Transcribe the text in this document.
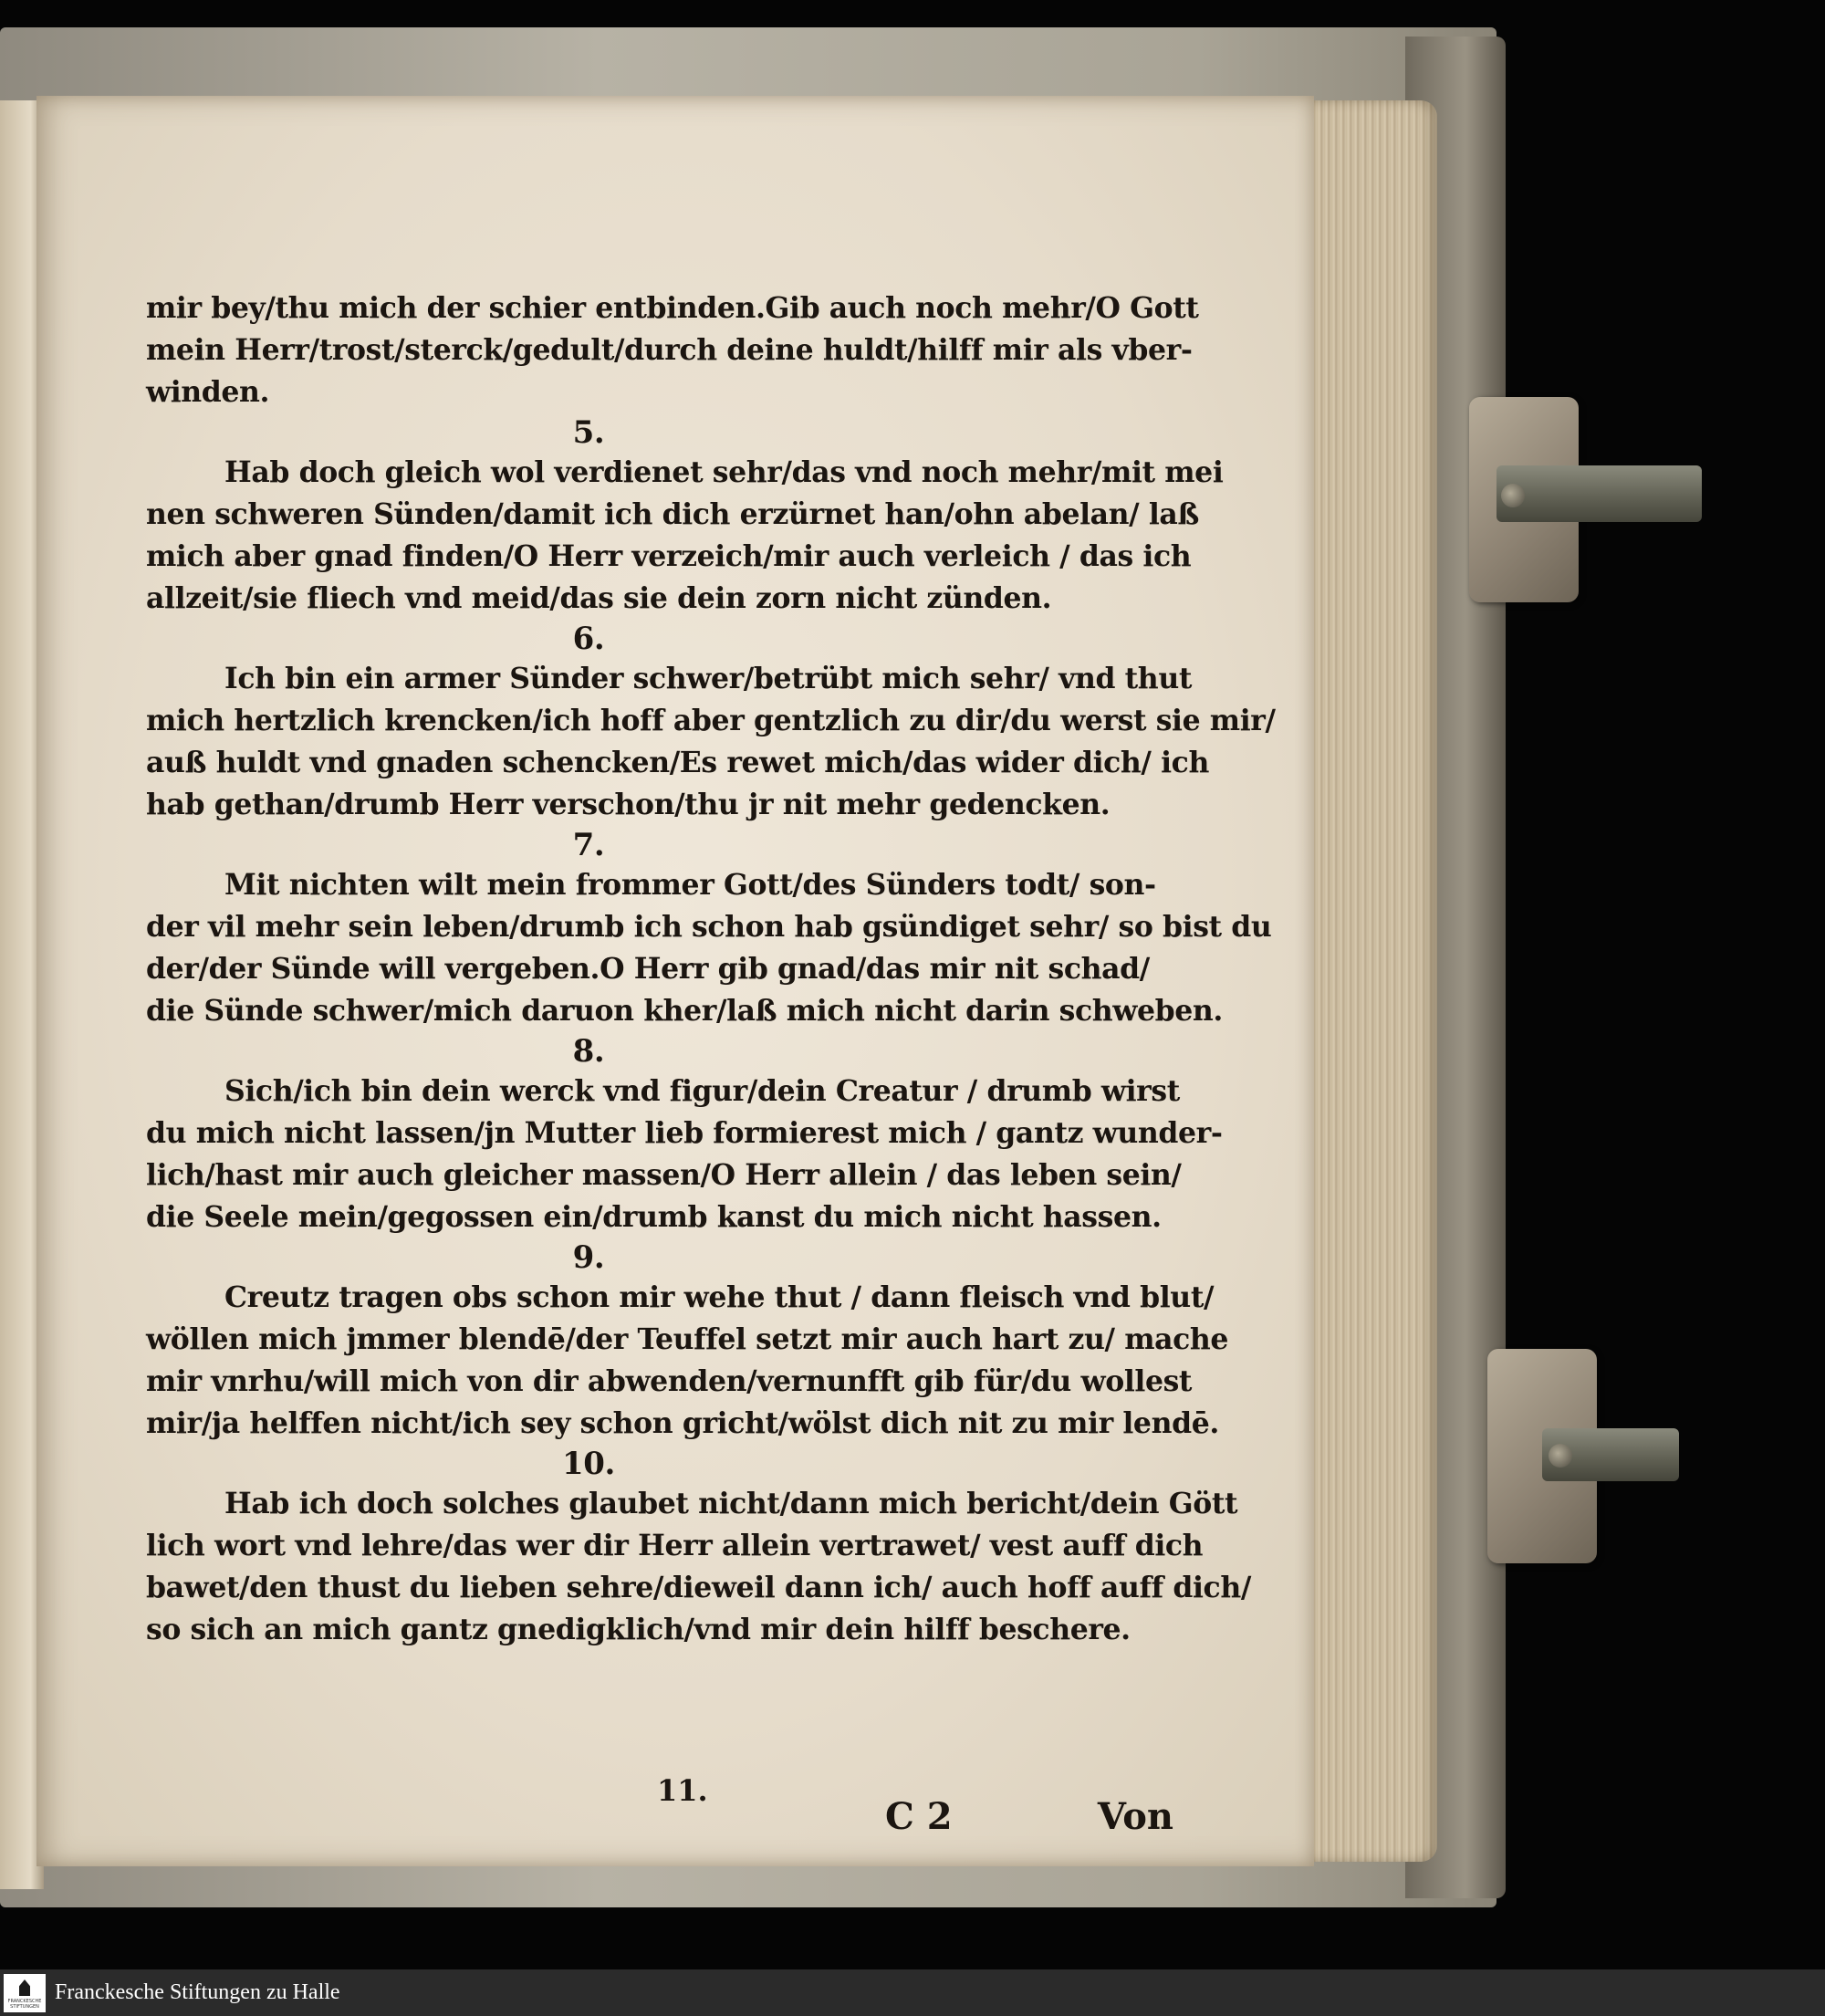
mir bey/thu mich der schier entbinden.Gib auch noch mehr/O Gott
mein Herr/trost/sterck/gedult/durch deine huldt/hilff mir als vber-
winden.
5.
Hab doch gleich wol verdienet sehr/das vnd noch mehr/mit mei
nen schweren Sünden/damit ich dich erzürnet han/ohn abelan/ laß
mich aber gnad finden/O Herr verzeich/mir auch verleich / das ich
allzeit/sie fliech vnd meid/das sie dein zorn nicht zünden.
6.
Ich bin ein armer Sünder schwer/betrübt mich sehr/ vnd thut
mich hertzlich krencken/ich hoff aber gentzlich zu dir/du werst sie mir/
auß huldt vnd gnaden schencken/Es rewet mich/das wider dich/ ich
hab gethan/drumb Herr verschon/thu jr nit mehr gedencken.
7.
Mit nichten wilt mein frommer Gott/des Sünders todt/ son-
der vil mehr sein leben/drumb ich schon hab gsündiget sehr/ so bist du
der/der Sünde will vergeben.O Herr gib gnad/das mir nit schad/
die Sünde schwer/mich daruon kher/laß mich nicht darin schweben.
8.
Sich/ich bin dein werck vnd figur/dein Creatur / drumb wirst
du mich nicht lassen/jn Mutter lieb formierest mich / gantz wunder-
lich/hast mir auch gleicher massen/O Herr allein / das leben sein/
die Seele mein/gegossen ein/drumb kanst du mich nicht hassen.
9.
Creutz tragen obs schon mir wehe thut / dann fleisch vnd blut/
wöllen mich jmmer blendē/der Teuffel setzt mir auch hart zu/ mache
mir vnrhu/will mich von dir abwenden/vernunfft gib für/du wollest
mir/ja helffen nicht/ich sey schon gricht/wölst dich nit zu mir lendē.
10.
Hab ich doch solches glaubet nicht/dann mich bericht/dein Gött
lich wort vnd lehre/das wer dir Herr allein vertrawet/ vest auff dich
bawet/den thust du lieben sehre/dieweil dann ich/ auch hoff auff dich/
so sich an mich gantz gnedigklich/vnd mir dein hilff beschere.
11.
C 2	Von
FRANCKESCHE STIFTUNGEN
Franckesche Stiftungen zu Halle
